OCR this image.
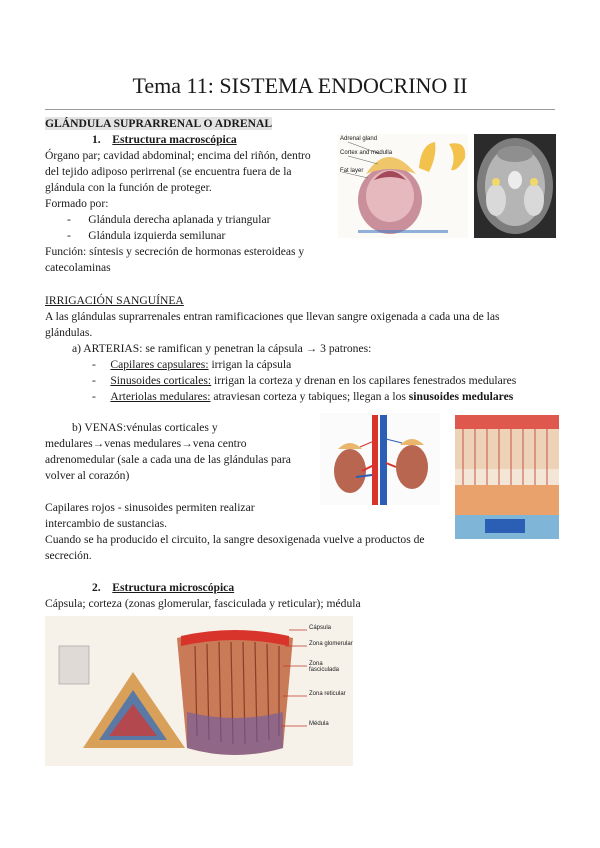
Tema 11: SISTEMA ENDOCRINO II
GLÁNDULA SUPRARRENAL O ADRENAL
1. Estructura macroscópica
Órgano par; cavidad abdominal; encima del riñón, dentro
del tejido adiposo perirrenal (se encuentra fuera de la
glándula con la función de proteger.
Formado por:
-      Glándula derecha aplanada y triangular
-      Glándula izquierda semilunar
Función: síntesis y secreción de hormonas esteroideas y
catecolaminas
Adrenal gland
Cortex and medulla
Fat layer
IRRIGACIÓN SANGUÍNEA
A las glándulas suprarrenales entran ramificaciones que llevan sangre oxigenada a cada una de las
glándulas.
a) ARTERIAS: se ramifican y penetran la cápsula → 3 patrones:
-     Capilares capsulares: irrigan la cápsula
-     Sinusoides corticales: irrigan la corteza y drenan en los capilares fenestrados medulares
-     Arteriolas medulares: atraviesan corteza y tabiques; llegan a los sinusoides medulares
b) VENAS:vénulas corticales y
medulares→venas medulares→vena centro
adrenomedular (sale a cada una de las glándulas para
volver al corazón)
Capilares rojos - sinusoides permiten realizar
intercambio de sustancias.
Cuando se ha producido el circuito, la sangre desoxigenada vuelve a productos de
secreción.
2. Estructura microscópica
Cápsula; corteza (zonas glomerular, fasciculada y reticular); médula
Cápsula
Zona glomerular
Zona fasciculada
Zona reticular
Médula
